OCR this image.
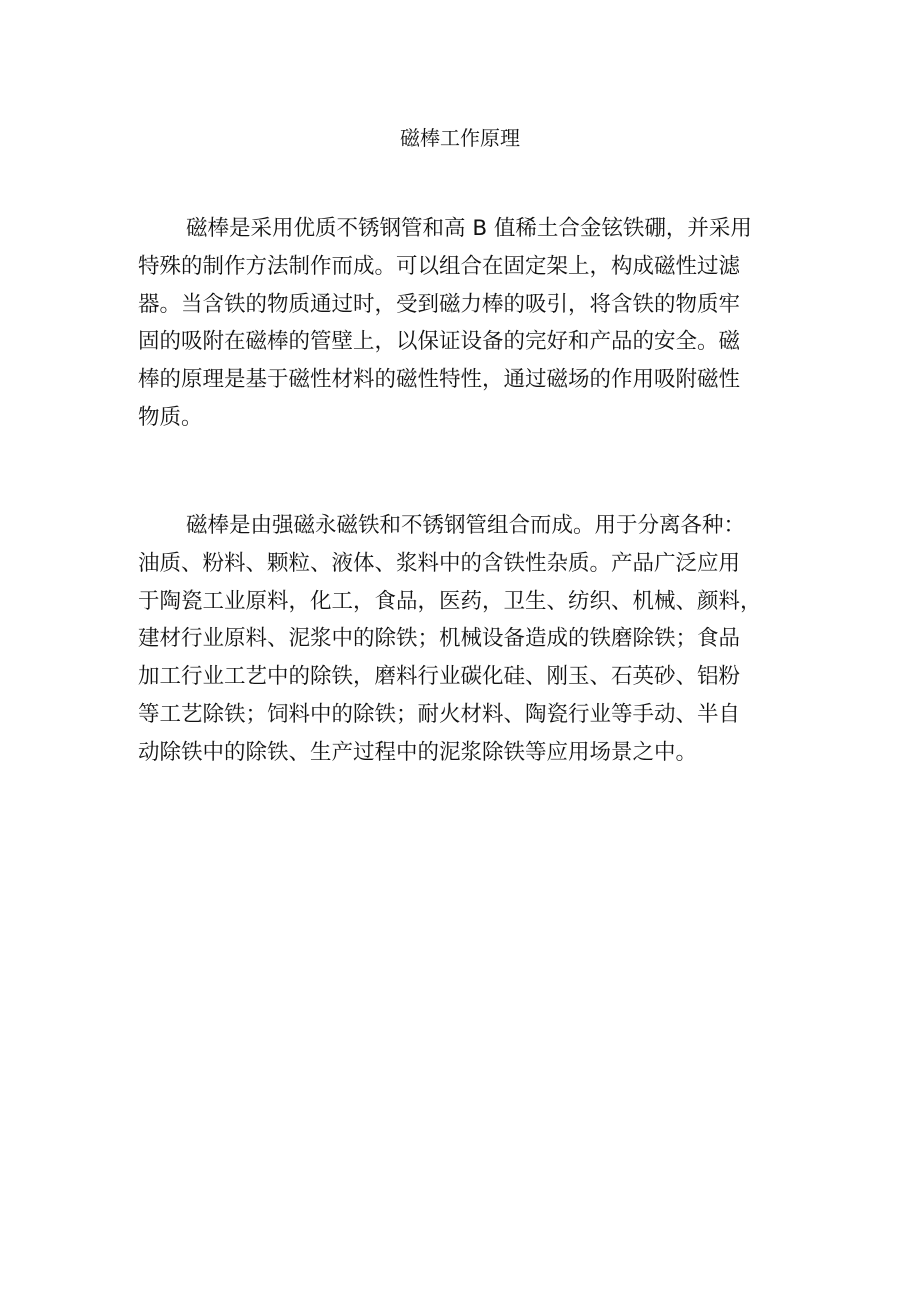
磁棒工作原理
磁棒是采用优质不锈钢管和高 B 值稀土合金铉铁硼，并采用
特殊的制作方法制作而成。可以组合在固定架上，构成磁性过滤
器。当含铁的物质通过时，受到磁力棒的吸引，将含铁的物质牢
固的吸附在磁棒的管壁上，以保证设备的完好和产品的安全。磁
棒的原理是基于磁性材料的磁性特性，通过磁场的作用吸附磁性
物质。
磁棒是由强磁永磁铁和不锈钢管组合而成。用于分离各种：
油质、粉料、颗粒、液体、浆料中的含铁性杂质。产品广泛应用
于陶瓷工业原料，化工，食品，医药，卫生、纺织、机械、颜料，
建材行业原料、泥浆中的除铁；机械设备造成的铁磨除铁；食品
加工行业工艺中的除铁，磨料行业碳化硅、刚玉、石英砂、铝粉
等工艺除铁；饲料中的除铁；耐火材料、陶瓷行业等手动、半自
动除铁中的除铁、生产过程中的泥浆除铁等应用场景之中。
